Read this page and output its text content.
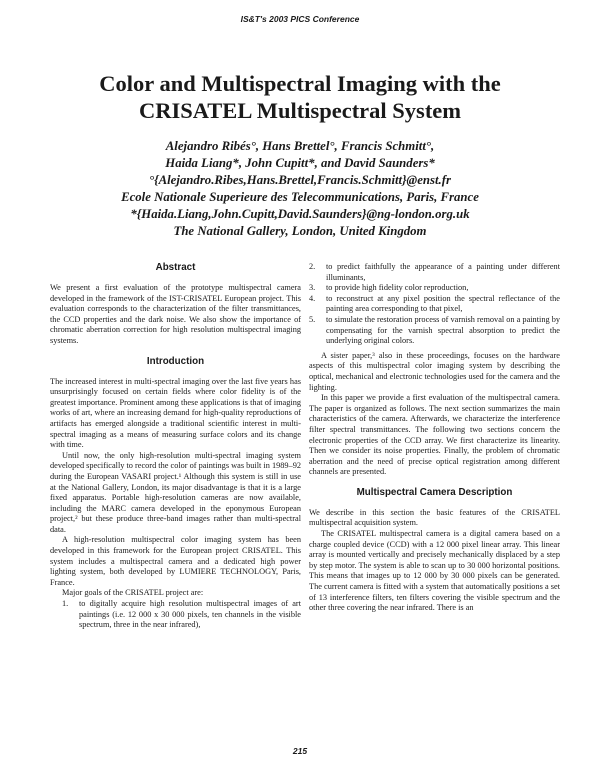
IS&T's 2003 PICS Conference
Color and Multispectral Imaging with the
CRISATEL Multispectral System
Alejandro Ribés°, Hans Brettel°, Francis Schmitt°,
Haida Liang*, John Cupitt*, and David Saunders*
°{Alejandro.Ribes,Hans.Brettel,Francis.Schmitt}@enst.fr
Ecole Nationale Superieure des Telecommunications, Paris, France
*{Haida.Liang,John.Cupitt,David.Saunders}@ng-london.org.uk
The National Gallery, London, United Kingdom
Abstract

We present a first evaluation of the prototype multispectral camera developed in the framework of the IST-CRISATEL European project. This evaluation corresponds to the characterization of the filter transmittances, the CCD properties and the dark noise. We also show the importance of chromatic aberration correction for high resolution multispectral imaging systems.

Introduction

The increased interest in multi-spectral imaging over the last five years has unsurprisingly focused on certain fields where color fidelity is of the greatest importance. Prominent among these applications is that of imaging works of art, where an increasing demand for high-quality reproductions of artifacts has emerged alongside a traditional scientific interest in multi-spectral imaging as a means of measuring surface colors and its change with time.

Until now, the only high-resolution multi-spectral imaging system developed specifically to record the color of paintings was built in 1989–92 during the European VASARI project.¹ Although this system is still in use at the National Gallery, London, its major disadvantage is that it is a large fixed apparatus. Portable high-resolution cameras are now available, including the MARC camera developed in the eponymous European project,² but these produce three-band images rather than multi-spectral data.

A high-resolution multispectral color imaging system has been developed in this framework for the European project CRISATEL. This system includes a multispectral camera and a dedicated high power lighting system, both developed by LUMIERE TECHNOLOGY, Paris, France.

Major goals of the CRISATEL project are:

1.	to digitally acquire high resolution multispectral images of art paintings (i.e. 12 000 x 30 000 pixels, ten channels in the visible spectrum, three in the near infrared),
2.	to predict faithfully the appearance of a painting under different illuminants,
3.	to provide high fidelity color reproduction,
4.	to reconstruct at any pixel position the spectral reflectance of the painting area corresponding to that pixel,
5.	to simulate the restoration process of varnish removal on a painting by compensating for the varnish spectral absorption to predict the underlying original colors.

A sister paper,³ also in these proceedings, focuses on the hardware aspects of this multispectral color imaging system by describing the optical, mechanical and electronic technologies used for the camera and the lighting.

In this paper we provide a first evaluation of the multispectral camera. The paper is organized as follows. The next section summarizes the main characteristics of the camera. Afterwards, we characterize the interference filter spectral transmittances. The following two sections concern the electronic properties of the CCD array. We first characterize its linearity. Then we consider its noise properties. Finally, the problem of chromatic aberration and the need of precise optical registration among different channels are presented.

Multispectral Camera Description

We describe in this section the basic features of the CRISATEL multispectral acquisition system.

The CRISATEL multispectral camera is a digital camera based on a charge coupled device (CCD) with a 12 000 pixel linear array. This linear array is mounted vertically and precisely mechanically displaced by a step by step motor. The system is able to scan up to 30 000 horizontal positions. This means that images up to 12 000 by 30 000 pixels can be generated. The current camera is fitted with a system that automatically positions a set of 13 interference filters, ten filters covering the visible spectrum and the other three covering the near infrared. There is an

215
